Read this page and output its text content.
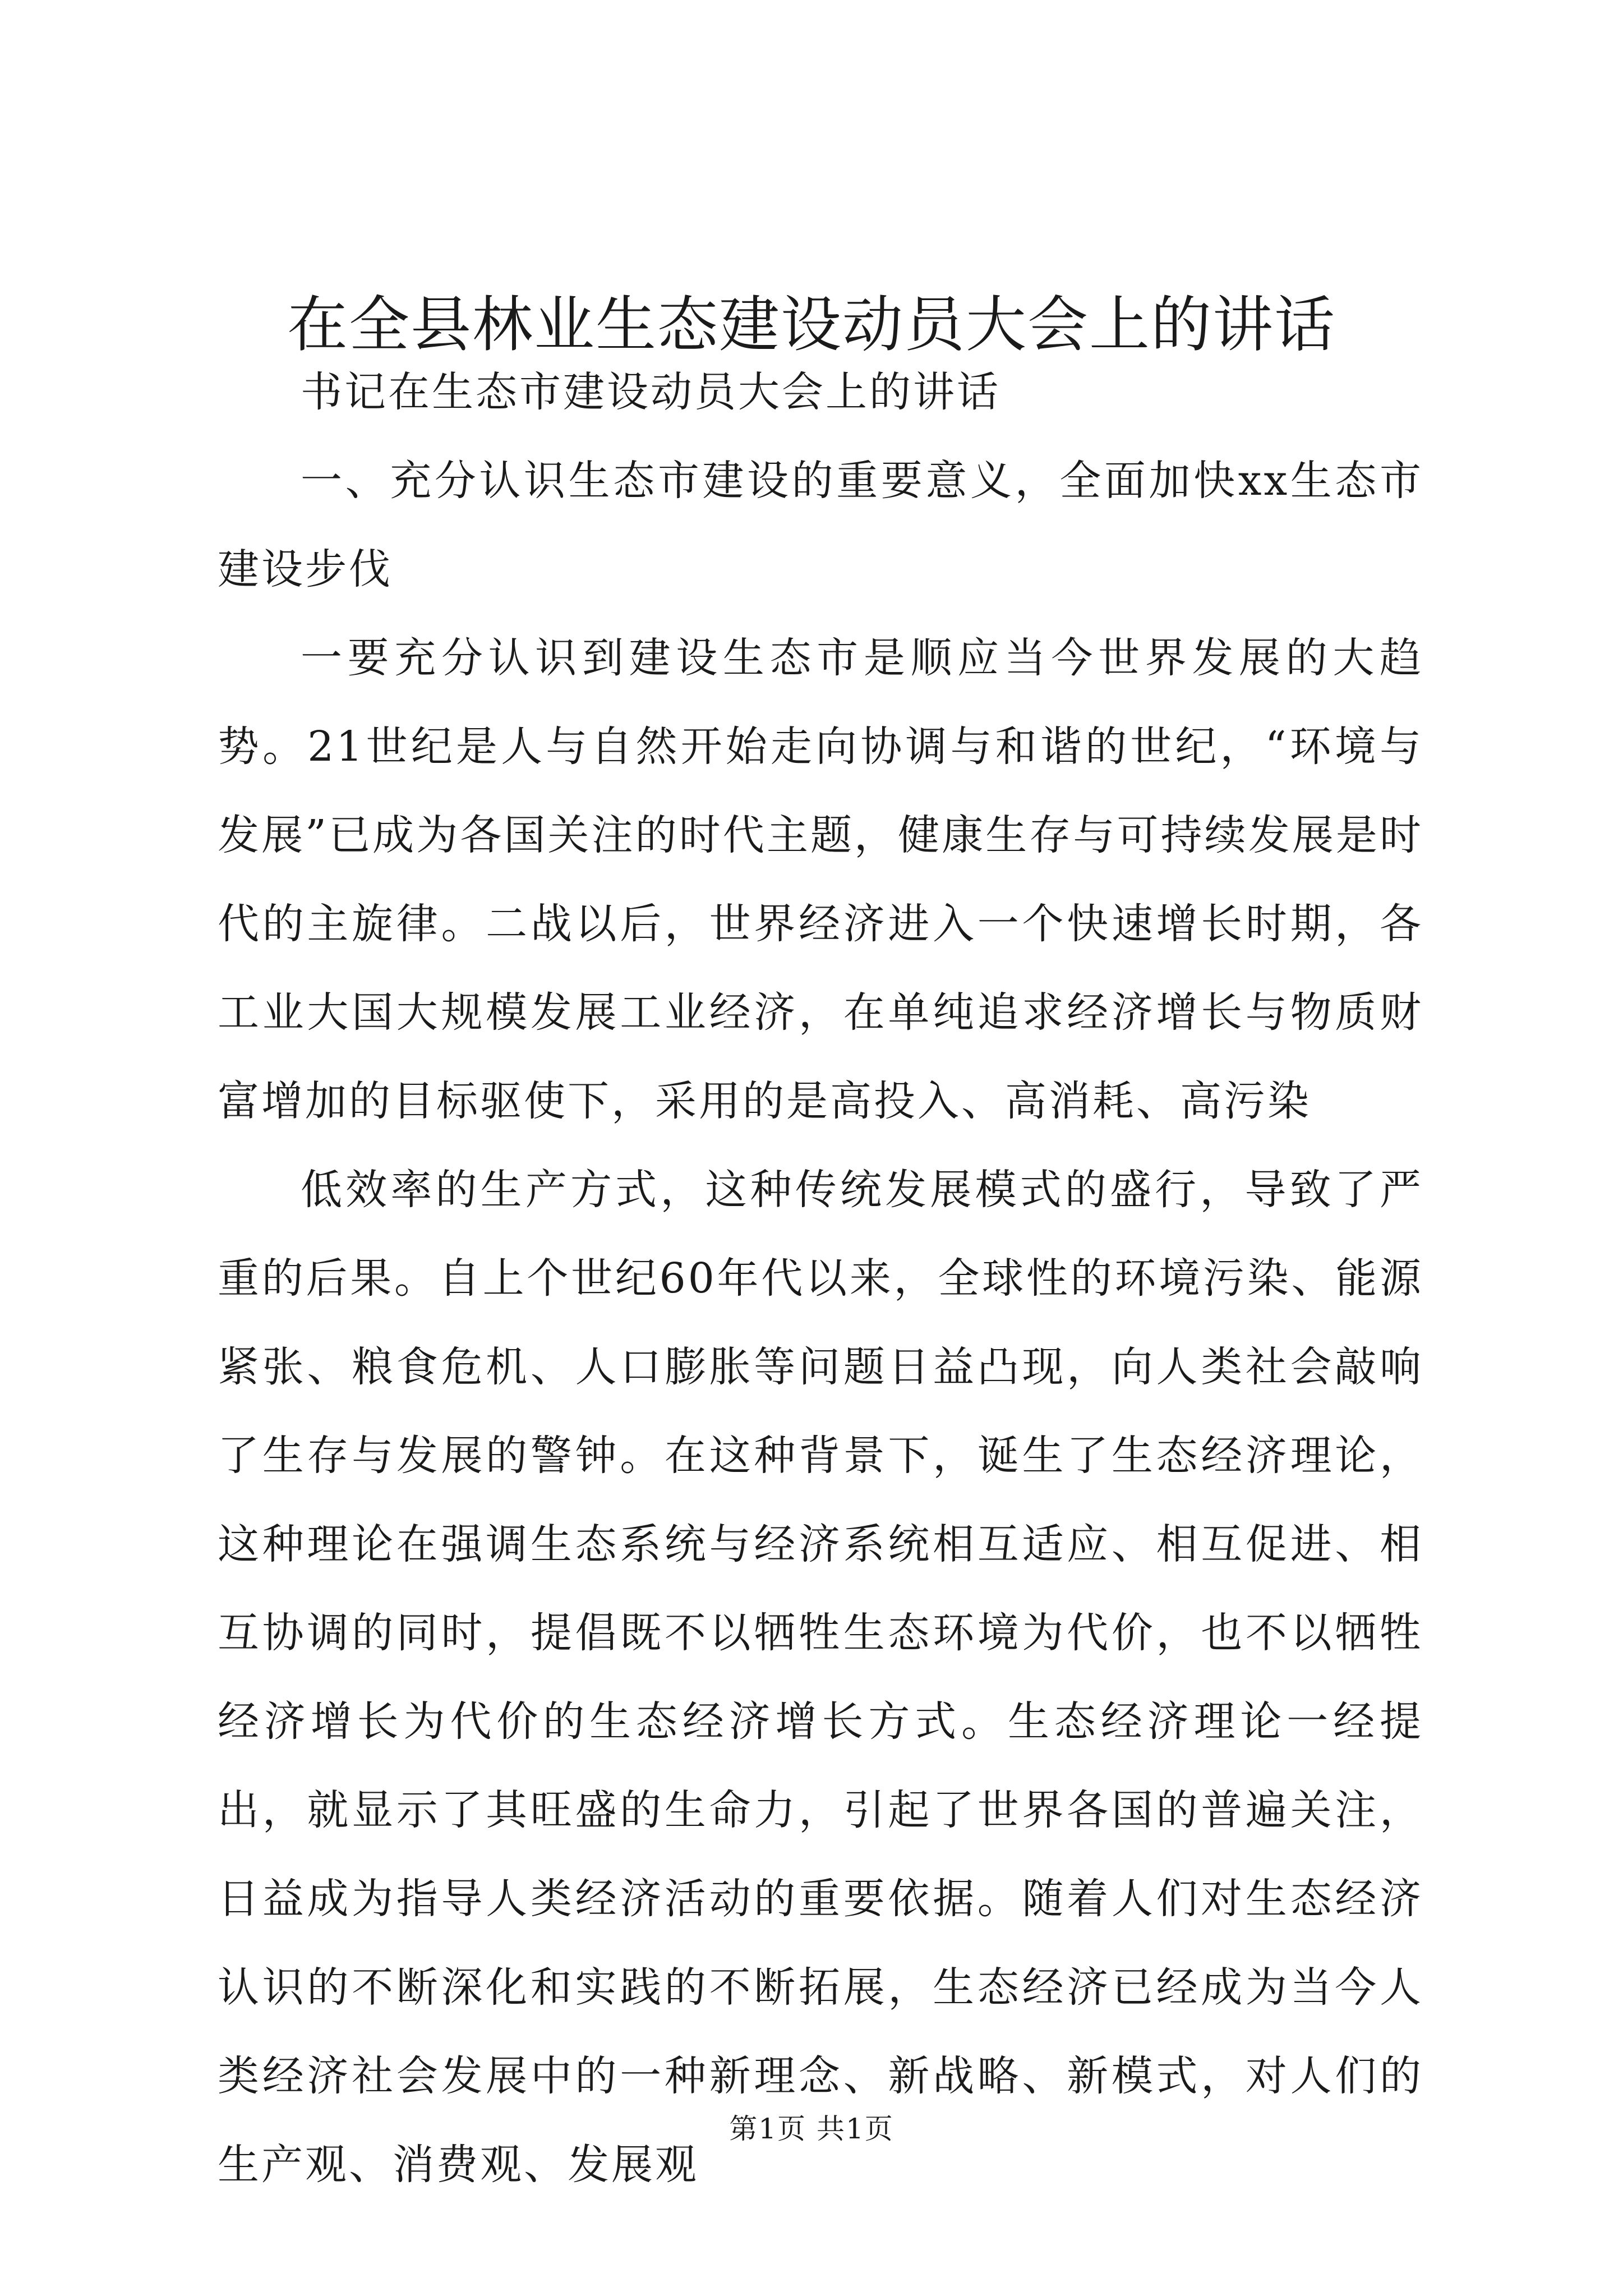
在全县林业生态建设动员大会上的讲话

书记在生态市建设动员大会上的讲话

一、充分认识生态市建设的重要意义，全面加快xx生态市建设步伐

一要充分认识到建设生态市是顺应当今世界发展的大趋势。21世纪是人与自然开始走向协调与和谐的世纪，“环境与发展”已成为各国关注的时代主题，健康生存与可持续发展是时代的主旋律。二战以后，世界经济进入一个快速增长时期，各工业大国大规模发展工业经济，在单纯追求经济增长与物质财富增加的目标驱使下，采用的是高投入、高消耗、高污染

低效率的生产方式，这种传统发展模式的盛行，导致了严重的后果。自上个世纪60年代以来，全球性的环境污染、能源紧张、粮食危机、人口膨胀等问题日益凸现，向人类社会敲响了生存与发展的警钟。在这种背景下，诞生了生态经济理论，这种理论在强调生态系统与经济系统相互适应、相互促进、相互协调的同时，提倡既不以牺牲生态环境为代价，也不以牺牲经济增长为代价的生态经济增长方式。生态经济理论一经提出，就显示了其旺盛的生命力，引起了世界各国的普遍关注，日益成为指导人类经济活动的重要依据。随着人们对生态经济认识的不断深化和实践的不断拓展，生态经济已经成为当今人类经济社会发展中的一种新理念、新战略、新模式，对人们的生产观、消费观、发展观

第1页 共1页
